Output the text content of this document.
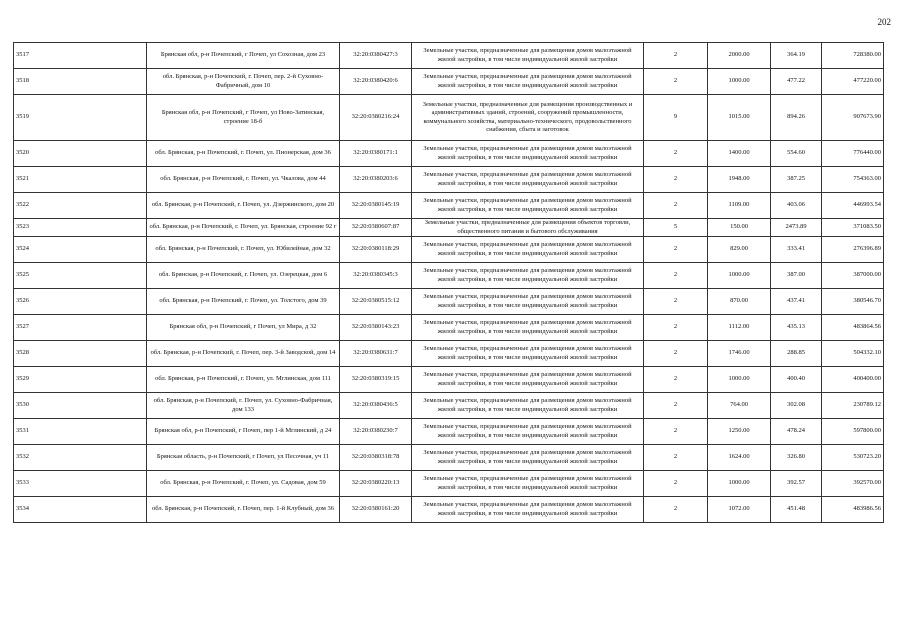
202
3517	Брянская обл, р-н Почепский, г Почеп, ул Сохозная, дом 23	32:20:0380427:3	Земельные участки, предназначенные для размещения домов малоэтажной жилой застройки, в том числе индивидуальной жилой застройки	2	2000.00	364.19	728380.00
3518	обл. Брянская, р-н Почепский, г. Почеп, пер. 2-й Суховно-Фабричный, дом 10	32:20:0380420:6	Земельные участки, предназначенные для размещения домов малоэтажной жилой застройки, в том числе индивидуальной жилой застройки	2	1000.00	477.22	477220.00
3519	Брянская обл, р-н Почепский, г Почеп, ул Ново-Затинская, строение 18-б	32:20:0380216:24	Земельные участки, предназначенные для размещения производственных и административных зданий, строений, сооружений промышленности, коммунального хозяйства, материально-технического, продовольственного снабжения, сбыта и заготовок	9	1015.00	894.26	907673.90
3520	обл. Брянская, р-н Почепский, г. Почеп, ул. Пионерская, дом 36	32:20:0380171:1	Земельные участки, предназначенные для размещения домов малоэтажной жилой застройки, в том числе индивидуальной жилой застройки	2	1400.00	554.60	776440.00
3521	обл. Брянская, р-н Почепский, г. Почеп, ул. Чкалова, дом 44	32:20:0380203:6	Земельные участки, предназначенные для размещения домов малоэтажной жилой застройки, в том числе индивидуальной жилой застройки	2	1948.00	387.25	754363.00
3522	обл. Брянская, р-н Почепский, г. Почеп, ул. Дзержинского, дом 20	32:20:0380145:19	Земельные участки, предназначенные для размещения домов малоэтажной жилой застройки, в том числе индивидуальной жилой застройки	2	1109.00	403.06	446993.54
3523	обл. Брянская, р-н Почепский, г. Почеп, ул. Брянская, строение 92 г	32:20:0380607:87	Земельные участки, предназначенные для размещения объектов торговли, общественного питания и бытового обслуживания	5	150.00	2473.89	371083.50
3524	обл. Брянская, р-н Почепский, г. Почеп, ул. Юбилейная, дом 32	32:20:0380118:29	Земельные участки, предназначенные для размещения домов малоэтажной жилой застройки, в том числе индивидуальной жилой застройки	2	829.00	333.41	276396.89
3525	обл. Брянская, р-н Почепский, г. Почеп, ул. Озерецкая, дом 6	32:20:0380345:3	Земельные участки, предназначенные для размещения домов малоэтажной жилой застройки, в том числе индивидуальной жилой застройки	2	1000.00	387.00	387000.00
3526	обл. Брянская, р-н Почепский, г. Почеп, ул. Толстого, дом 39	32:20:0380515:12	Земельные участки, предназначенные для размещения домов малоэтажной жилой застройки, в том числе индивидуальной жилой застройки	2	870.00	437.41	380546.70
3527	Брянская обл, р-н Почепский, г Почеп, ул Мира, д 32	32:20:0380143:23	Земельные участки, предназначенные для размещения домов малоэтажной жилой застройки, в том числе индивидуальной жилой застройки	2	1112.00	435.13	483864.56
3528	обл. Брянская, р-н Почепский, г. Почеп, пер. 3-й Заводской, дом 14	32:20:0380631:7	Земельные участки, предназначенные для размещения домов малоэтажной жилой застройки, в том числе индивидуальной жилой застройки	2	1746.00	288.85	504332.10
3529	обл. Брянская, р-н Почепский, г. Почеп, ул. Мглинская, дом 111	32:20:0380319:15	Земельные участки, предназначенные для размещения домов малоэтажной жилой застройки, в том числе индивидуальной жилой застройки	2	1000.00	400.40	400400.00
3530	обл. Брянская, р-н Почепский, г. Почеп, ул. Суховно-Фабричная, дом 133	32:20:0380436:5	Земельные участки, предназначенные для размещения домов малоэтажной жилой застройки, в том числе индивидуальной жилой застройки	2	764.00	302.08	230789.12
3531	Брянская обл, р-н Почепский, г Почеп, пер 1-й Мглинский, д 24	32:20:0380230:7	Земельные участки, предназначенные для размещения домов малоэтажной жилой застройки, в том числе индивидуальной жилой застройки	2	1250.00	478.24	597800.00
3532	Брянская область, р-н Почепский, г Почеп, ул Песочная, уч 11	32:20:0380318:78	Земельные участки, предназначенные для размещения домов малоэтажной жилой застройки, в том числе индивидуальной жилой застройки	2	1624.00	326.80	530723.20
3533	обл. Брянская, р-н Почепский, г. Почеп, ул. Садовая, дом 59	32:20:0380220:13	Земельные участки, предназначенные для размещения домов малоэтажной жилой застройки, в том числе индивидуальной жилой застройки	2	1000.00	392.57	392570.00
3534	обл. Брянская, р-н Почепский, г. Почеп, пер. 1-й Клубный, дом 36	32:20:0380161:20	Земельные участки, предназначенные для размещения домов малоэтажной жилой застройки, в том числе индивидуальной жилой застройки	2	1072.00	451.48	483986.56
